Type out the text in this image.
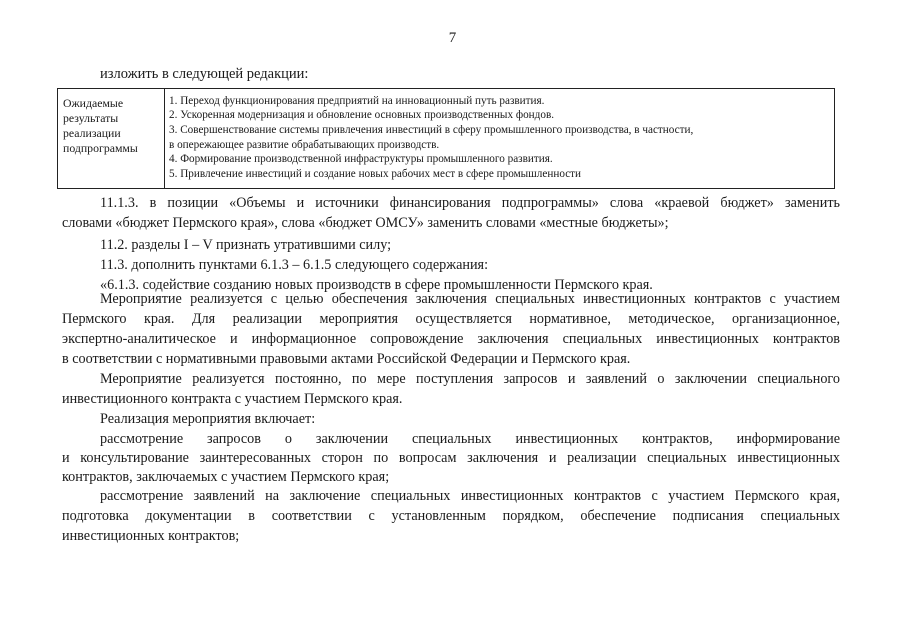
7
изложить в следующей редакции:
Ожидаемые
результаты
реализации
подпрограммы
1. Переход функционирования предприятий на инновационный путь развития.
2. Ускоренная модернизация и обновление основных производственных фондов.
3. Совершенствование системы привлечения инвестиций в сферу промышленного производства, в частности,
в опережающее развитие обрабатывающих производств.
4. Формирование производственной инфраструктуры промышленного развития.
5. Привлечение инвестиций и создание новых рабочих мест в сфере промышленности
11.1.3. в позиции «Объемы и источники финансирования подпрограммы» слова «краевой бюджет» заменить
словами «бюджет Пермского края», слова «бюджет ОМСУ» заменить словами «местные бюджеты»;
11.2. разделы I – V признать утратившими силу;
11.3. дополнить пунктами 6.1.3 – 6.1.5 следующего содержания:
«6.1.3. содействие созданию новых производств в сфере промышленности Пермского края.
Мероприятие реализуется с целью обеспечения заключения специальных инвестиционных контрактов с участием
Пермского края. Для реализации мероприятия осуществляется нормативное, методическое, организационное,
экспертно-аналитическое и информационное сопровождение заключения специальных инвестиционных контрактов
в соответствии с нормативными правовыми актами Российской Федерации и Пермского края.
Мероприятие реализуется постоянно, по мере поступления запросов и заявлений о заключении специального
инвестиционного контракта с участием Пермского края.
Реализация мероприятия включает:
рассмотрение запросов о заключении специальных инвестиционных контрактов, информирование
и консультирование заинтересованных сторон по вопросам заключения и реализации специальных инвестиционных
контрактов, заключаемых с участием Пермского края;
рассмотрение заявлений на заключение специальных инвестиционных контрактов с участием Пермского края,
подготовка документации в соответствии с установленным порядком, обеспечение подписания специальных
инвестиционных контрактов;
